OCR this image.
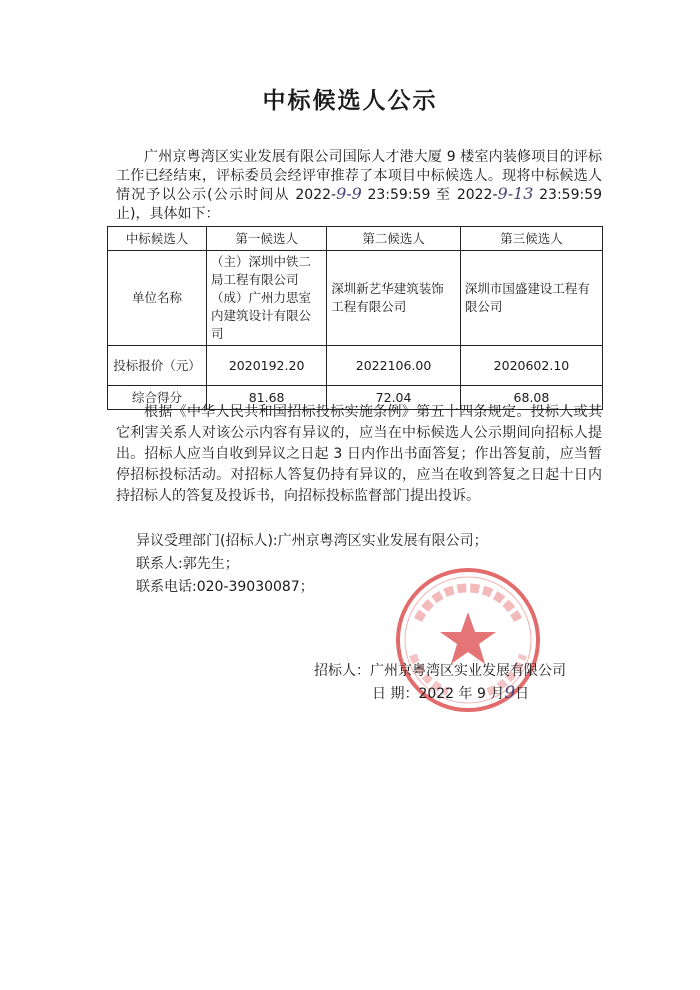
中标候选人公示
广州京粤湾区实业发展有限公司国际人才港大厦 9 楼室内装修项目的评标工作已经结束，评标委员会经评审推荐了本项目中标候选人。现将中标候选人情况予以公示(公示时间从 2022-9-9 23:59:59 至 2022-9-13 23:59:59 止)，具体如下：
中标候选人	第一候选人	第二候选人	第三候选人
单位名称	（主）深圳中铁二局工程有限公司（成）广州力思室内建筑设计有限公司	深圳新艺华建筑装饰工程有限公司	深圳市国盛建设工程有限公司
投标报价（元）	2020192.20	2022106.00	2020602.10
综合得分	81.68	72.04	68.08
根据《中华人民共和国招标投标实施条例》第五十四条规定。投标人或其它利害关系人对该公示内容有异议的，应当在中标候选人公示期间向招标人提出。招标人应当自收到异议之日起 3 日内作出书面答复；作出答复前，应当暂停招标投标活动。对招标人答复仍持有异议的，应当在收到答复之日起十日内持招标人的答复及投诉书，向招标投标监督部门提出投诉。
异议受理部门(招标人):广州京粤湾区实业发展有限公司；
联系人:郭先生；
联系电话:020-39030087；
招标人：广州京粤湾区实业发展有限公司
日 期：2022 年 9 月9日
